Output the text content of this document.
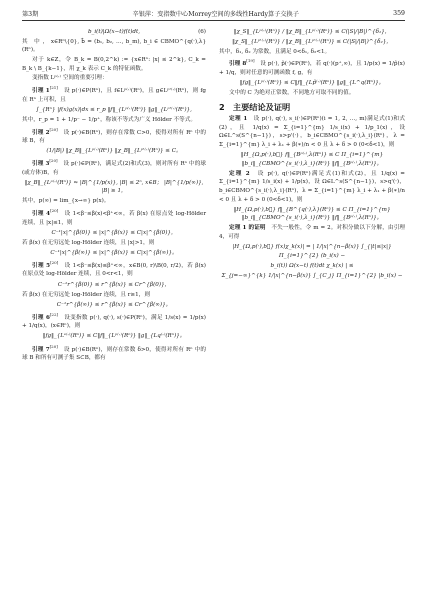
第3期	辛银萍：变指数中心Morrey空间的多线性Hardy算子交换子	359
b_i(t)|Ω(x−t)f(t)dt,	(6)

其　中 ， x∈Rⁿ\{0}, b⃗ = (b₁, b₂, …, b_m), b_i ∈ CBMO^{q(·),λ}(Rⁿ)。

对于 k∈Z，令 B_k = B(0,2^k) := {x∈Rⁿ: |x| ≤ 2^k}, C_k = B_k \ B_{k−1}，用 χ_k 表示 C_k 的特征函数。

变指数 Lᵖ⁽·⁾ 空间的重要引理：

引理 1[21]　设 p(·)∈P(Rⁿ)，且 f∈Lᵖ⁽·⁾(Rⁿ)，且 g∈Lᵖ'⁽·⁾(Rⁿ)，则 fg 在 Rⁿ 上可积，且

∫_{Rⁿ} |f(x)g(x)|dx ≤ r_p ‖f‖_{Lᵖ⁽·⁾(Rⁿ)} ‖g‖_{Lᵖ'⁽·⁾(Rⁿ)},

其中，r_p = 1 + 1/p⁻ − 1/p⁺，称该不等式为广义 Hölder 不等式。

引理 2[20]　设 p(·)∈B(Rⁿ)，则存在常数 C>0，使得对所有 Rⁿ 中的球 B，有

(1/|B|) ‖χ_B‖_{Lᵖ⁽·⁾(Rⁿ)} ‖χ_B‖_{Lᵖ'⁽·⁾(Rⁿ)} ≤ C。

引理 3[20]　设 p(·)∈P(Rⁿ)，满足式(2)和式(3)，则对所有 Rⁿ 中的球(或方体)B，有

‖χ_B‖_{Lᵖ⁽·⁾(Rⁿ)} ≈ |B|^{1/p(x)}, |B| ≤ 2ⁿ, x∈B； |B|^{1/p(∞)}, |B| ≥ 1，

其中，p(∞) = lim_{x→∞} p(x)。

引理 4[20]　设 1<β⁻≤β(x)<β⁺<∞，若 β(x) 在原点处 log-Hölder 连续，且 |x|≤1，则

C⁻¹|x|^{β(0)} ≤ |x|^{β(x)} ≤ C|x|^{β(0)}，

若 β(x) 在无穷远处 log-Hölder 连续，且 |x|>1，则

C⁻¹|x|^{β(∞)} ≤ |x|^{β(x)} ≤ C|x|^{β(∞)}。

引理 5[20]　设 1<β⁻≤β(x)≤β⁺<∞，x∈B(0, r)\B(0, r/2)，若 β(x) 在原点处 log-Hölder 连续，且 0<r<1，则

C⁻¹r^{β(0)} ≤ r^{β(x)} ≤ Cr^{β(0)}，

若 β(x) 在无穷远处 log-Hölder 连续，且 r≥1，则

C⁻¹r^{β(∞)} ≤ r^{β(x)} ≤ Cr^{β(∞)}。

引理 6[22]　设变指数 p(·), q(·), s(·)∈P(Rⁿ)，满足 1/s(x) = 1/p(x) + 1/q(x)，(x∈Rⁿ)，则

‖fg‖_{Lˢ⁽·⁾(Rⁿ)} ≤ C‖f‖_{Lᵖ⁽·⁾(Rⁿ)} ‖g‖_{Lq⁽·⁾(Rⁿ)}。

引理 7[20]　设 p(·)∈B(Rⁿ)，则存在常数 δ>0，使得对所有 Rⁿ 中的球 B 和所有可测子集 S⊂B，都有

‖χ_S‖_{Lᵖ⁽·⁾(Rⁿ)} / ‖χ_B‖_{Lᵖ⁽·⁾(Rⁿ)} ≤ C(|S|/|B|)^{δ₁}，
‖χ_S‖_{Lᵖ'⁽·⁾(Rⁿ)} / ‖χ_B‖_{Lᵖ'⁽·⁾(Rⁿ)} ≤ C(|S|/|B|)^{δ₂}，

其中，δ₁, δ₂ 为常数，且满足 0<δ₁, δ₂<1。

引理 8[19]　设 p(·), p̃(·)∈P(Rⁿ)，若 q(·)(p⁺,∞)，且 1/p(x) = 1/p̃(x) + 1/q，则对任意的可测函数 f, g，有

‖fg‖_{Lᵖ⁽·⁾(Rⁿ)} ≤ C‖f‖_{Lp̃⁽·⁾(Rⁿ)} ‖g‖_{L^q(Rⁿ)}。

文中的 C 为绝对正常数，不同地方可取不同的值。

2　主要结论及证明

定理 1　 设 p(·), q(·), s_i(·)∈P(Rⁿ)(i = 1, 2, …, m)满足式(1)和式(2)，且 1/q(x) = Σ_{i=1}^{m} 1/s_i(x) + 1/p_1(x)，设 Ω∈L^s(S^{n−1})，s>p'(·)，b_i∈CBMO^{s_i(·),λ_i}(Rⁿ)，λ = Σ_{i=1}^{m} λ_i + λ₁ + β(∗)/n < 0 且 λ + δ > 0 (0<δ<1)，则

‖H_{Ω,p(·),b⃗} f‖_{Bᵖ⁽·⁾,λ(Rⁿ)} ≤ C Π_{i=1}^{m} ‖b_i‖_{CBMO^{s_i(·),λ_i}(Rⁿ)} ‖f‖_{Bᵖ⁽·⁾,λ(Rⁿ)}。

定理 2　 设 p(·), q(·)∈P(Rⁿ)满足式(1)和式(2)，且 1/q(x) = Σ_{i=1}^{m} 1/s_i(x) + 1/p(x)，设 Ω∈L^s(S^{n−1})，s>q'(·)，b_i∈CBMO^{s_i(·),λ_i}(Rⁿ)，λ = Σ_{i=1}^{m} λ_i + λ₁ + β(∗)/n < 0 且 λ + δ > 0 (0<δ<1)，则

‖H_{Ω,p(·),b⃗} f‖_{B^{q(·),λ}(Rⁿ)} ≤ C Π_{i=1}^{m} ‖b_i‖_{CBMO^{s_i(·),λ_i}(Rⁿ)} ‖f‖_{Bᵖ⁽·⁾,λ(Rⁿ)}。

定理 1 的证明　 不失一般性，令 m = 2。对积分做以下分解，由引理 4，可得

|H_{Ω,p(·),b⃗} f(x)χ_k(x)| = | 1/|x|^{n−β(x)} ∫_{|t|≤|x|} Π_{i=1}^{2} (b_i(x) −
b_i(t)) Ω(x−t) f(t)dt χ_k(x) | ≤
Σ_{j=−∞}^{k} 1/|x|^{n−β(x)} ∫_{C_j} Π_{i=1}^{2} |b_i(x) −
